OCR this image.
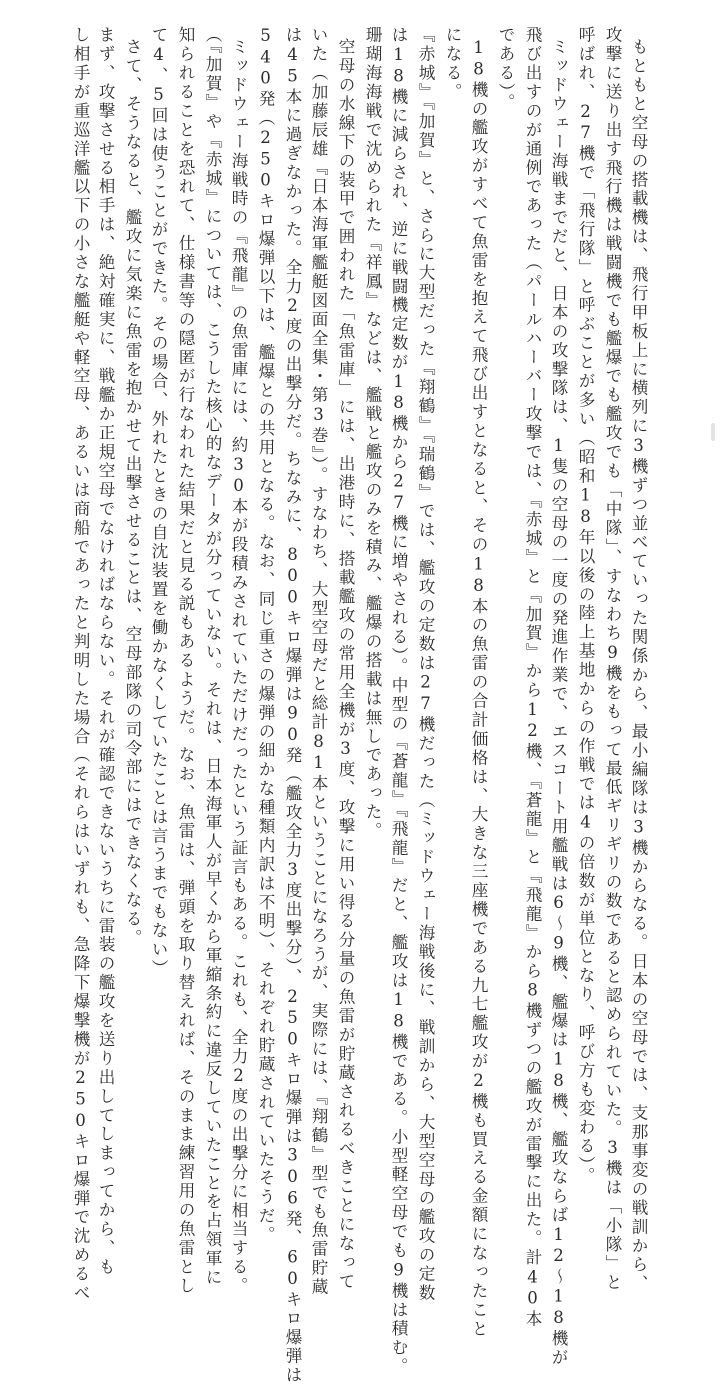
もともと空母の搭載機は、飛行甲板上に横列に3機ずつ並べていった関係から、最小編隊は3機からなる。日本の空母では、支那事変の戦訓から、
攻撃に送り出す飛行機は戦闘機でも艦爆でも艦攻でも「中隊」、すなわち9機をもって最低ギリギリの数であると認められていた。3機は「小隊」と
呼ばれ、27機で「飛行隊」と呼ぶことが多い（昭和18年以後の陸上基地からの作戦では4の倍数が単位となり、呼び方も変わる）。
ミッドウェー海戦までだと、日本の攻撃隊は、1隻の空母の一度の発進作業で、エスコート用艦戦は6～9機、艦爆は18機、艦攻ならば12～18機が
飛び出すのが通例であった（パールハーバー攻撃では、『赤城』と『加賀』から12機、『蒼龍』と『飛龍』から8機ずつの艦攻が雷撃に出た。計40本
である）。
18機の艦攻がすべて魚雷を抱えて飛び出すとなると、その18本の魚雷の合計価格は、大きな三座機である九七艦攻が2機も買える金額になったこと
になる。
『赤城』『加賀』と、さらに大型だった『翔鶴』『瑞鶴』では、艦攻の定数は27機だった（ミッドウェー海戦後に、戦訓から、大型空母の艦攻の定数
は18機に減らされ、逆に戦闘機定数が18機から27機に増やされる）。中型の『蒼龍』『飛龍』だと、艦攻は18機である。小型軽空母でも9機は積む。
珊瑚海海戦で沈められた『祥鳳』などは、艦戦と艦攻のみを積み、艦爆の搭載は無しであった。
空母の水線下の装甲で囲われた「魚雷庫」には、出港時に、搭載艦攻の常用全機が3度、攻撃に用い得る分量の魚雷が貯蔵されるべきことになって
いた（加藤辰雄『日本海軍艦艇図面全集・第3巻』）。すなわち、大型空母だと総計81本ということになろうが、実際には、『翔鶴』型でも魚雷貯蔵
は45本に過ぎなかった。全力2度の出撃分だ。ちなみに、800キロ爆弾は90発（艦攻全力3度出撃分）、250キロ爆弾は306発、60キロ爆弾は
540発（250キロ爆弾以下は、艦爆との共用となる。なお、同じ重さの爆弾の細かな種類内訳は不明）、それぞれ貯蔵されていたそうだ。
ミッドウェー海戦時の『飛龍』の魚雷庫には、約30本が段積みされていただけだったという証言もある。これも、全力2度の出撃分に相当する。
（『加賀』や『赤城』については、こうした核心的なデータが分っていない。それは、日本海軍人が早くから軍縮条約に違反していたことを占領軍に
知られることを恐れて、仕様書等の隠匿が行なわれた結果だと見る説もあるようだ。なお、魚雷は、弾頭を取り替えれば、そのまま練習用の魚雷とし
て4、5回は使うことができた。その場合、外れたときの自沈装置を働かなくしていたことは言うまでもない）
さて、そうなると、艦攻に気楽に魚雷を抱かせて出撃させることは、空母部隊の司令部にはできなくなる。
まず、攻撃させる相手は、絶対確実に、戦艦か正規空母でなければならない。それが確認できないうちに雷装の艦攻を送り出してしまってから、も
し相手が重巡洋艦以下の小さな艦艇や軽空母、あるいは商船であったと判明した場合（それらはいずれも、急降下爆撃機が250キロ爆弾で沈めるべ
